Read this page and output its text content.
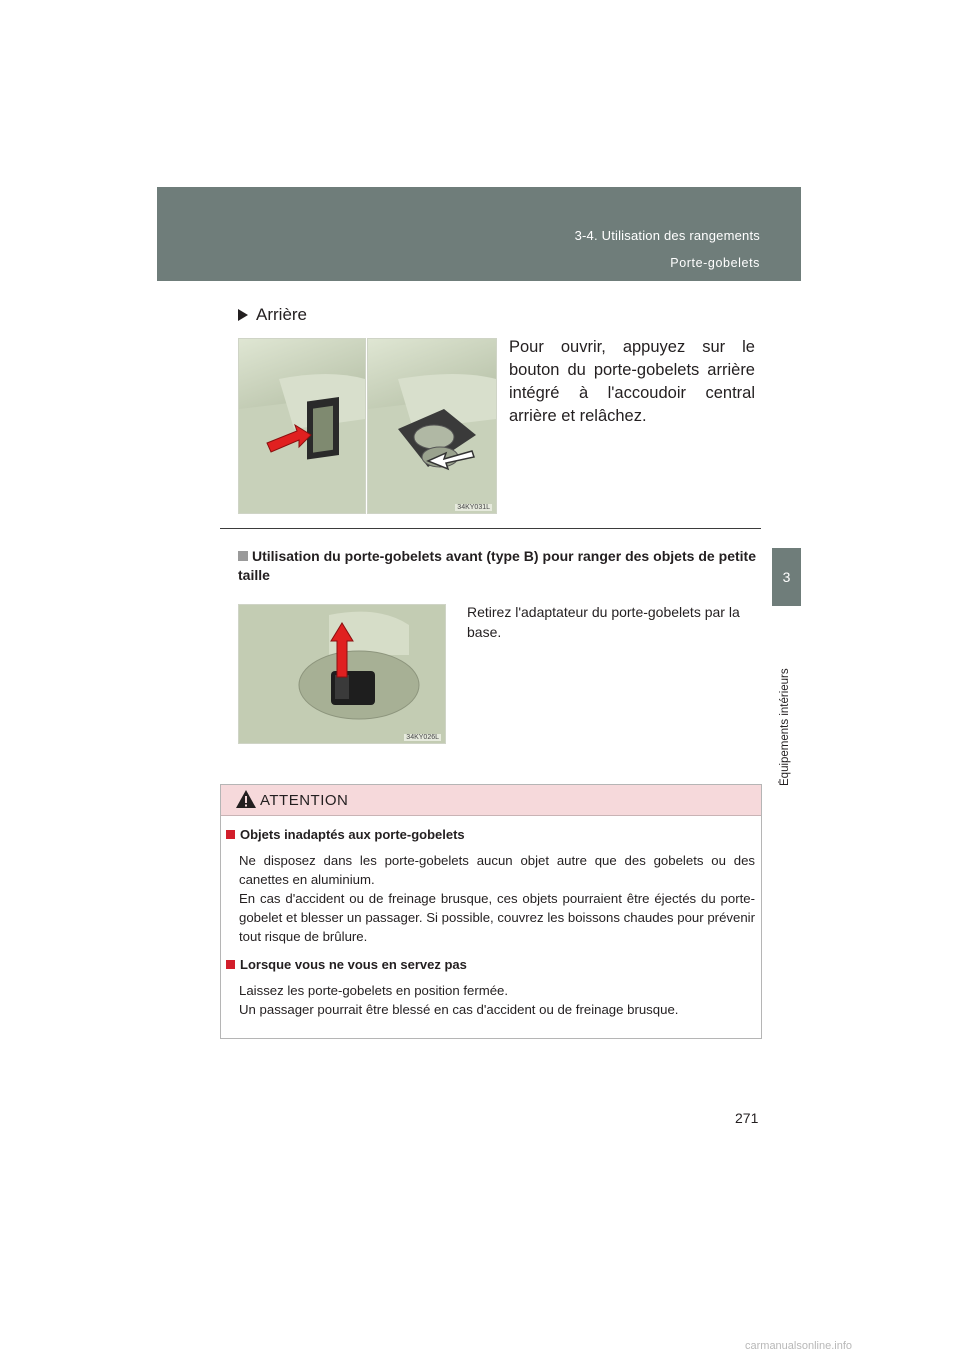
3-4. Utilisation des rangements
Porte-gobelets
3
Équipements intérieurs
Arrière
34KY031L
Pour ouvrir, appuyez sur le bouton du porte-gobelets arrière intégré à l'accoudoir central arrière et relâchez.
Utilisation du porte-gobelets avant (type B) pour ranger des objets de petite taille
34KY026L
Retirez l'adaptateur du porte-gobelets par la base.
ATTENTION
Objets inadaptés aux porte-gobelets
Ne disposez dans les porte-gobelets aucun objet autre que des gobelets ou des canettes en aluminium.
En cas d'accident ou de freinage brusque, ces objets pourraient être éjectés du porte-gobelet et blesser un passager. Si possible, couvrez les boissons chaudes pour prévenir tout risque de brûlure.
Lorsque vous ne vous en servez pas
Laissez les porte-gobelets en position fermée.
Un passager pourrait être blessé en cas d'accident ou de freinage brusque.
271
carmanualsonline.info
